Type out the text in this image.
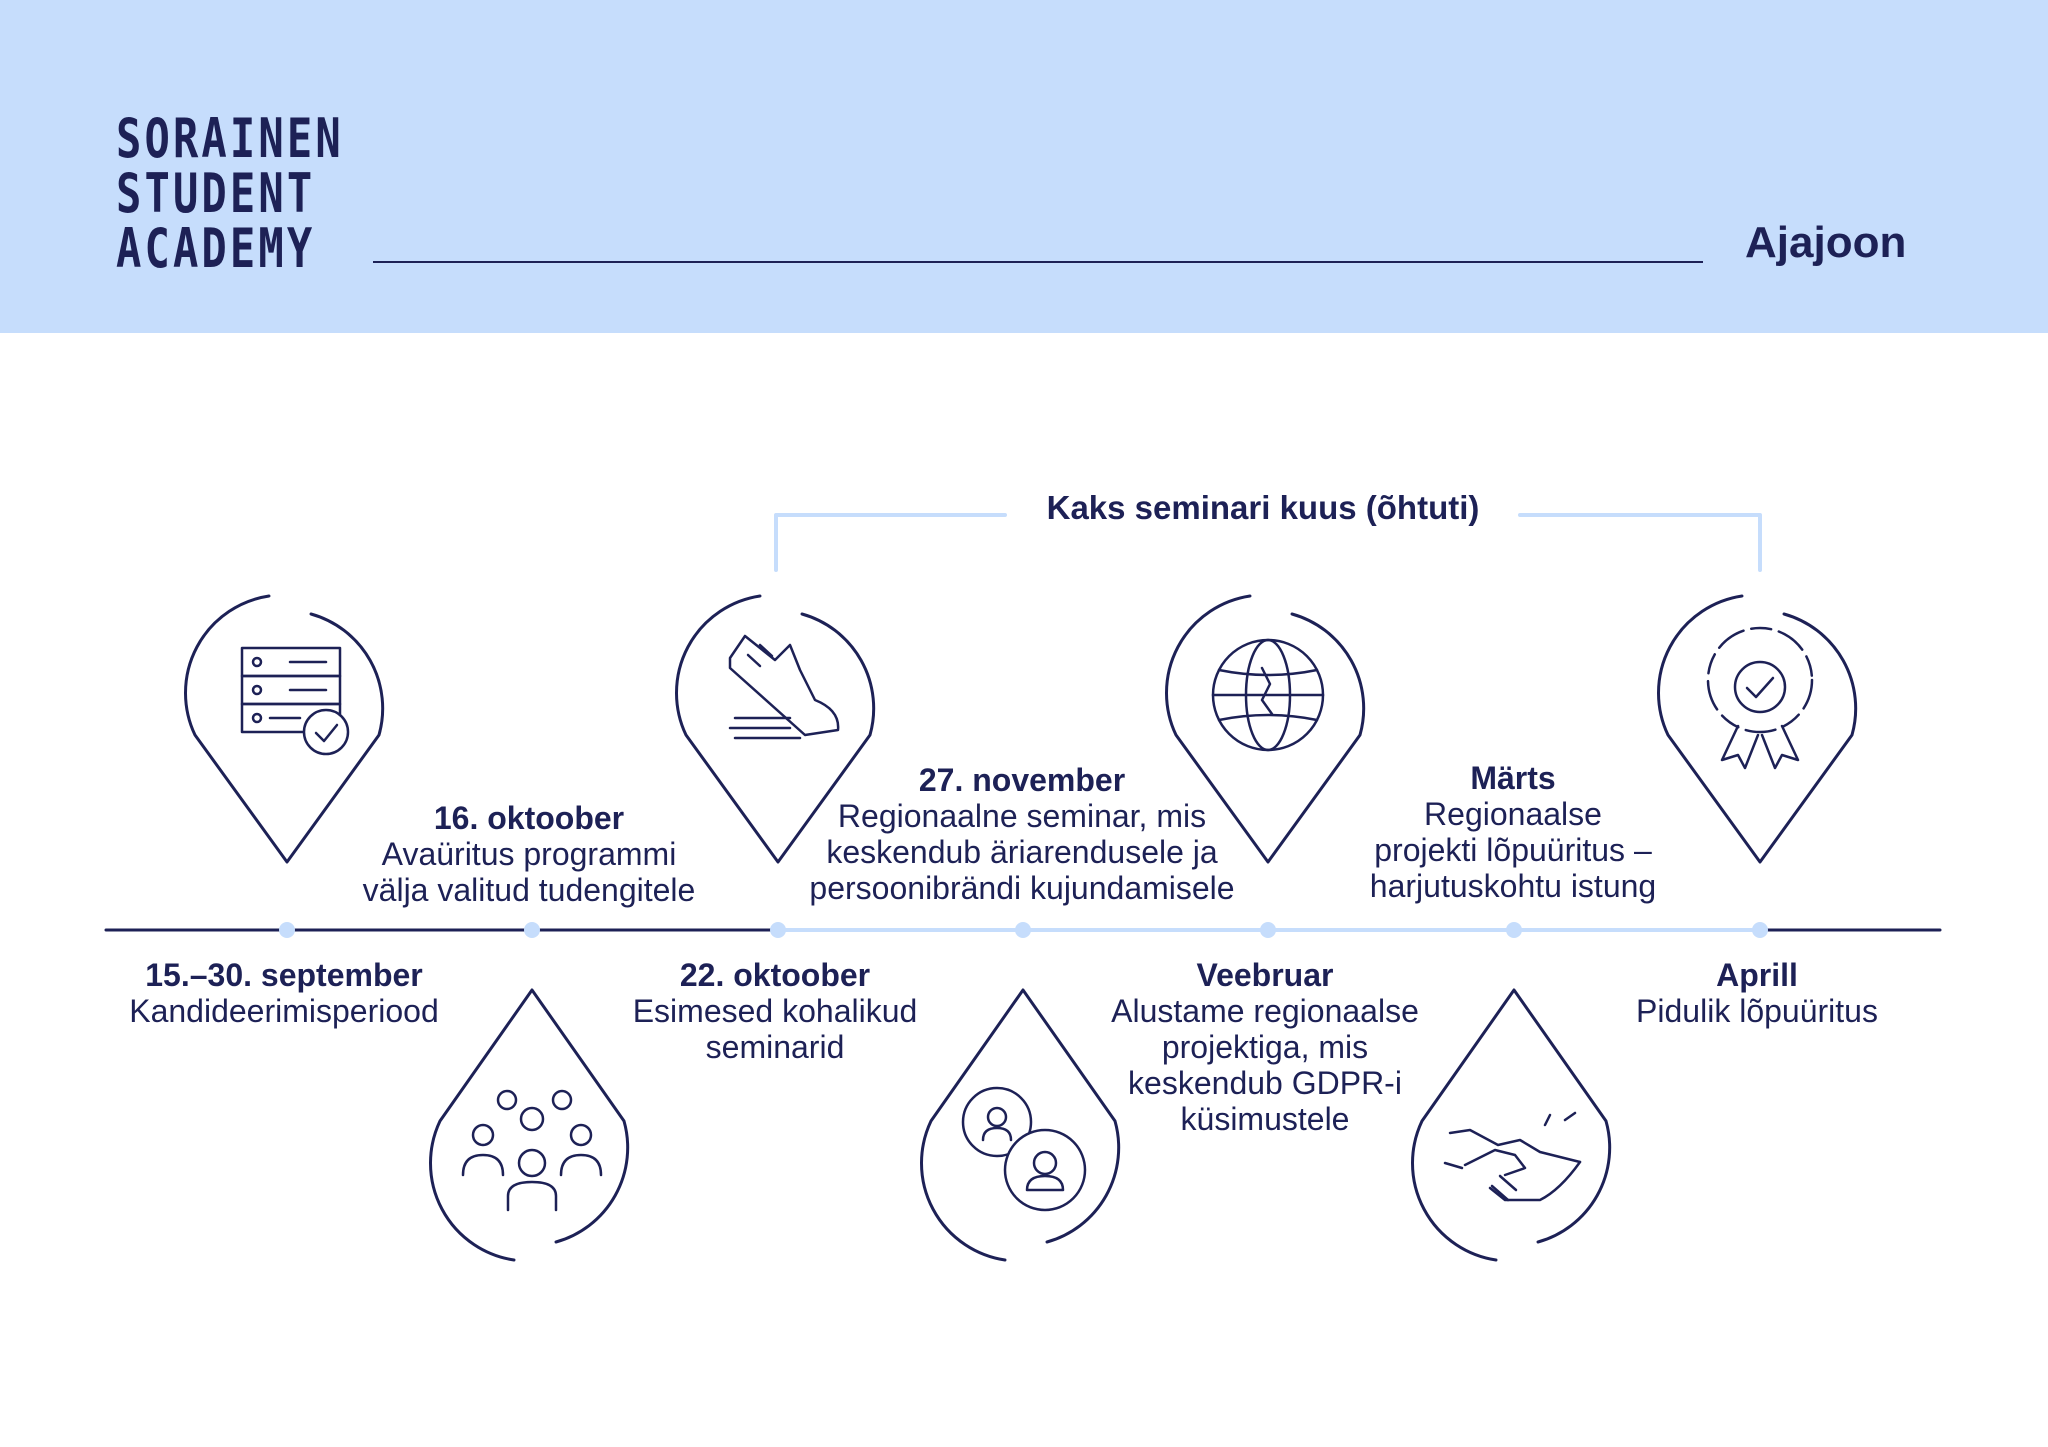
SORAINEN
STUDENT
ACADEMY	Ajajoon
Kaks seminari kuus (õhtuti)
15.–30. september
Kandideerimisperiood
16. oktoober
Avaüritus programmi
välja valitud tudengitele
22. oktoober
Esimesed kohalikud
seminarid
27. november
Regionaalne seminar, mis
keskendub äriarendusele ja
persoonibrändi kujundamisele
Veebruar
Alustame regionaalse
projektiga, mis
keskendub GDPR-i
küsimustele
Märts
Regionaalse
projekti lõpuüritus –
harjutuskohtu istung
Aprill
Pidulik lõpuüritus
